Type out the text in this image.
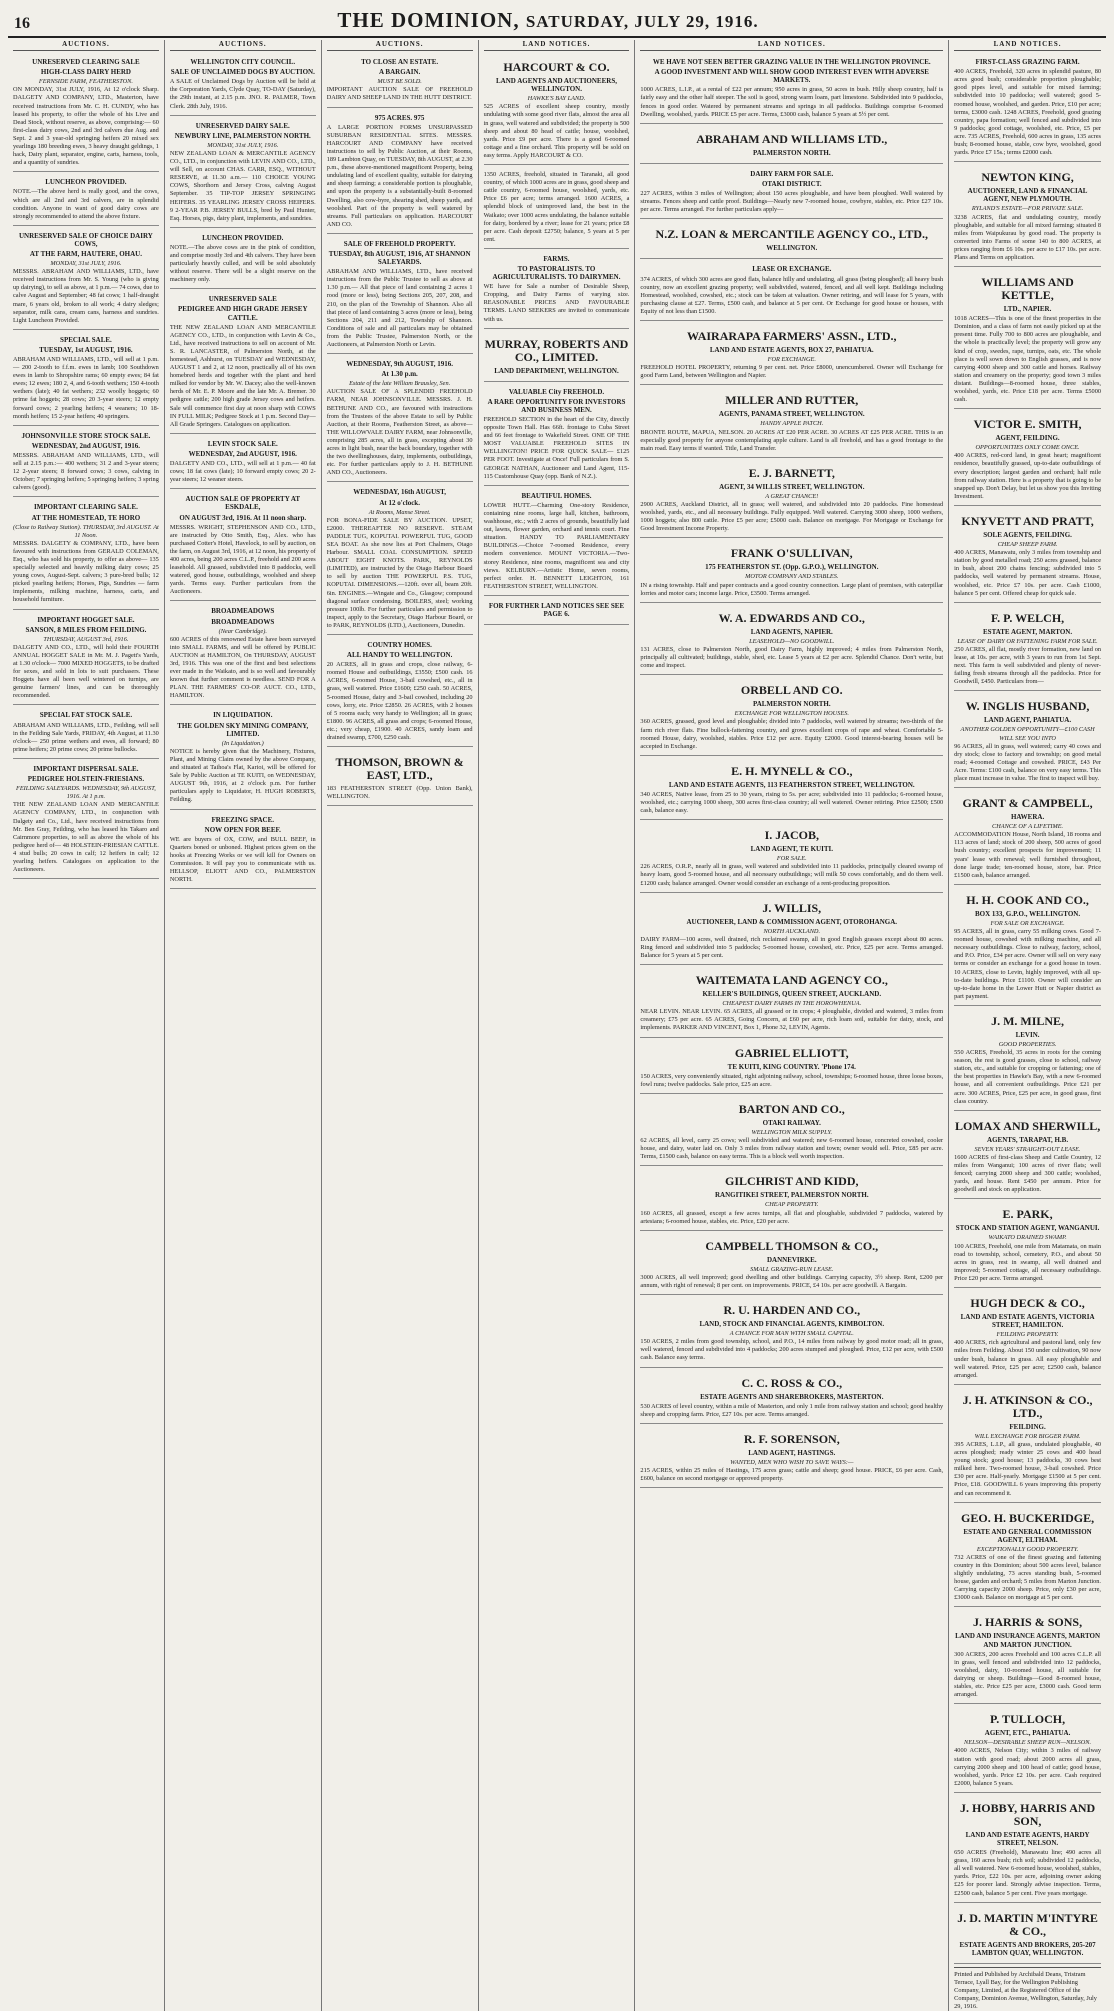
16	THE DOMINION, SATURDAY, JULY 29, 1916.
AUCTIONS.
UNRESERVED CLEARING SALE
HIGH-CLASS DAIRY HERD
FERNSIDE FARM, FEATHERSTON.
ON MONDAY, 31st JULY, 1916, At 12 o'clock Sharp. DALGETY AND COMPANY, LTD., Masterton, have received instructions from Mr. C. H. CUNDY, who has leased his property, to offer the whole of his Live and Dead Stock, without reserve, as above, comprising:— 60 first-class dairy cows, 2nd and 3rd calvers due Aug. and Sept. 2 and 3 year-old springing heifers 20 mixed sex yearlings 180 breeding ewes, 3 heavy draught geldings, 1 hack, Dairy plant, separator, engine, carts, harness, tools, and a quantity of sundries.
LUNCHEON PROVIDED.
NOTE.—The above herd is really good, and the cows, which are all 2nd and 3rd calvers, are in splendid condition. Anyone in want of good dairy cows are strongly recommended to attend the above fixture.
UNRESERVED SALE OF CHOICE DAIRY COWS,
AT THE FARM, HAUTERE, OHAU.
MONDAY, 31st JULY, 1916.
MESSRS. ABRAHAM AND WILLIAMS, LTD., have received instructions from Mr. S. Young (who is giving up dairying), to sell as above, at 1 p.m.— 74 cows, due to calve August and September; 48 fat cows; 1 half-draught mare, 6 years old, broken to all work; 4 dairy sledges; separator, milk cans, cream cans, harness and sundries. Light Luncheon Provided.
SPECIAL SALE.
TUESDAY, 1st AUGUST, 1916.
ABRAHAM AND WILLIAMS, LTD., will sell at 1 p.m.— 200 2-tooth to f.f.m. ewes in lamb; 100 Southdown ewes in lamb to Shropshire rams; 60 empty ewes; 84 fat ewes; 12 ewes; 180 2, 4, and 6-tooth wethers; 150 4-tooth wethers (late); 40 fat wethers; 232 woolly hoggets; 60 prime fat hoggets; 28 cows; 20 3-year steers; 12 empty forward cows; 2 yearling heifers; 4 weaners; 10 18-month heifers; 15 2-year heifers; 40 springers.
JOHNSONVILLE STORE STOCK SALE.
WEDNESDAY, 2nd AUGUST, 1916.
MESSRS. ABRAHAM AND WILLIAMS, LTD., will sell at 2.15 p.m.:— 400 wethers; 31 2 and 3-year steers; 12 2-year steers; 8 forward cows; 3 cows, calving in October; 7 springing heifers; 5 springing heifers; 3 spring calvers (good).
IMPORTANT CLEARING SALE.
AT THE HOMESTEAD, TE HORO
(Close to Railway Station). THURSDAY, 3rd AUGUST. At 11 Noon.
MESSRS. DALGETY & COMPANY, LTD., have been favoured with instructions from GERALD COLEMAN, Esq., who has sold his property, to offer as above— 135 specially selected and heavily milking dairy cows; 25 young cows, August-Sept. calvers; 3 pure-bred bulls; 12 picked yearling heifers; Horses, Pigs, Sundries — farm implements, milking machine, harness, carts, and household furniture.
IMPORTANT HOGGET SALE.
SANSON, 8 MILES FROM FEILDING.
THURSDAY, AUGUST 3rd, 1916.
DALGETY AND CO., LTD., will hold their FOURTH ANNUAL HOGGET SALE in Mr. M. J. Pagett's Yards, at 1.30 o'clock— 7000 MIXED HOGGETS, to be drafted for sexes, and sold in lots to suit purchasers. These Hoggets have all been well wintered on turnips, are genuine farmers' lines, and can be thoroughly recommended.
SPECIAL FAT STOCK SALE.
ABRAHAM AND WILLIAMS, LTD., Feilding, will sell in the Feilding Sale Yards, FRIDAY, 4th August, at 11.30 o'clock— 250 prime wethers and ewes, all forward; 80 prime heifers; 20 prime cows; 20 prime bullocks.
IMPORTANT DISPERSAL SALE.
PEDIGREE HOLSTEIN-FRIESIANS.
FEILDING SALEYARDS. WEDNESDAY, 9th AUGUST, 1916. At 1 p.m.
THE NEW ZEALAND LOAN AND MERCANTILE AGENCY COMPANY, LTD., in conjunction with Dalgety and Co., Ltd., have received instructions from Mr. Ben Gray, Feilding, who has leased his Takaro and Cairnmore properties, to sell as above the whole of his pedigree herd of— 48 HOLSTEIN-FRIESIAN CATTLE. 4 stud bulls; 20 cows in calf; 12 heifers in calf; 12 yearling heifers. Catalogues on application to the Auctioneers.
AUCTIONS.
WELLINGTON CITY COUNCIL.
SALE OF UNCLAIMED DOGS BY AUCTION.
A SALE of Unclaimed Dogs by Auction will be held at the Corporation Yards, Clyde Quay, TO-DAY (Saturday), the 29th instant, at 2.15 p.m. JNO. R. PALMER, Town Clerk. 28th July, 1916.
UNRESERVED DAIRY SALE.
NEWBURY LINE, PALMERSTON NORTH.
MONDAY, 31st JULY, 1916.
NEW ZEALAND LOAN & MERCANTILE AGENCY CO., LTD., in conjunction with LEVIN AND CO., LTD., will Sell, on account CHAS. CARR, ESQ., WITHOUT RESERVE, at 11.30 a.m.— 110 CHOICE YOUNG COWS, Shorthorn and Jersey Cross, calving August September. 35 TIP-TOP JERSEY SPRINGING HEIFERS. 35 YEARLING JERSEY CROSS HEIFERS. 9 2-YEAR P.B. JERSEY BULLS, bred by Paul Hunter, Esq. Horses, pigs, dairy plant, implements, and sundries.
LUNCHEON PROVIDED.
NOTE.—The above cows are in the pink of condition, and comprise mostly 3rd and 4th calvers. They have been particularly heavily culled, and will be sold absolutely without reserve. There will be a slight reserve on the machinery only.
UNRESERVED SALE
PEDIGREE AND HIGH GRADE JERSEY CATTLE.
THE NEW ZEALAND LOAN AND MERCANTILE AGENCY CO., LTD., in conjunction with Levin & Co., Ltd., have received instructions to sell on account of Mr. S. R. LANCASTER, of Palmerston North, at the homestead, Ashhurst, on TUESDAY and WEDNESDAY, AUGUST 1 and 2, at 12 noon, practically all of his own homebred herds and together with the plant and herd milked for vendor by Mr. W. Dacey; also the well-known herds of Mr. E. P. Moore and the late Mr. A. Bremer. 30 pedigree cattle; 200 high grade Jersey cows and heifers. Sale will commence first day at noon sharp with COWS IN FULL MILK; Pedigree Stock at 1 p.m. Second Day—All Grade Springers. Catalogues on application.
LEVIN STOCK SALE.
WEDNESDAY, 2nd AUGUST, 1916.
DALGETY AND CO., LTD., will sell at 1 p.m.— 40 fat cows; 18 fat cows (late); 10 forward empty cows; 20 2-year steers; 12 weaner steers.
AUCTION SALE OF PROPERTY AT ESKDALE,
ON AUGUST 3rd, 1916. At 11 noon sharp.
MESSRS. WRIGHT, STEPHENSON AND CO., LTD., are instructed by Otto Smith, Esq., Alex. who has purchased Cotter's Hotel, Havelock, to sell by auction, on the farm, on August 3rd, 1916, at 12 noon, his property of 400 acres, being 200 acres C.L.P., freehold and 200 acres leasehold. All grassed, subdivided into 8 paddocks, well watered, good house, outbuildings, woolshed and sheep yards. Terms easy. Further particulars from the Auctioneers.
BROADMEADOWS
BROADMEADOWS
(Near Cambridge).
600 ACRES of this renowned Estate have been surveyed into SMALL FARMS, and will be offered by PUBLIC AUCTION at HAMILTON, On THURSDAY, AUGUST 3rd, 1916. This was one of the first and best selections ever made in the Waikato, and is so well and favourably known that further comment is needless. SEND FOR A PLAN. THE FARMERS' CO-OP. AUCT. CO., LTD., HAMILTON.
IN LIQUIDATION.
THE GOLDEN SKY MINING COMPANY, LIMITED.
(In Liquidation.)
NOTICE is hereby given that the Machinery, Fixtures, Plant, and Mining Claim owned by the above Company, and situated at Taihoa's Flat, Karioi, will be offered for Sale by Public Auction at TE KUITI, on WEDNESDAY, AUGUST 9th, 1916, at 2 o'clock p.m. For further particulars apply to Liquidator, H. HUGH ROBERTS, Feilding.
FREEZING SPACE.
NOW OPEN FOR BEEF.
WE are buyers of OX, COW, and BULL BEEF, in Quarters boned or unboned. Highest prices given on the hooks at Freezing Works or we will kill for Owners on Commission. It will pay you to communicate with us. HELLSOP, ELIOTT AND CO., PALMERSTON NORTH.
AUCTIONS.
TO CLOSE AN ESTATE.
A BARGAIN.
MUST BE SOLD.
IMPORTANT AUCTION SALE OF FREEHOLD DAIRY AND SHEEP LAND IN THE HUTT DISTRICT.
975 ACRES. 975
A LARGE PORTION FORMS UNSURPASSED SUBURBAN RESIDENTIAL SITES. MESSRS. HARCOURT AND COMPANY have received instructions to sell by Public Auction, at their Rooms, 189 Lambton Quay, on TUESDAY, 8th AUGUST, at 2.30 p.m., these above-mentioned magnificent Property, being undulating land of excellent quality, suitable for dairying and sheep farming; a considerable portion is ploughable, and upon the property is a substantially-built 8-roomed Dwelling, also cow-byre, shearing shed, sheep yards, and woolshed. Part of the property is well watered by streams. Full particulars on application. HARCOURT AND CO.
SALE OF FREEHOLD PROPERTY.
TUESDAY, 8th AUGUST, 1916, AT SHANNON SALEYARDS.
ABRAHAM AND WILLIAMS, LTD., have received instructions from the Public Trustee to sell as above at 1.30 p.m.— All that piece of land containing 2 acres 1 rood (more or less), being Sections 205, 207, 208, and 210, on the plan of the Township of Shannon. Also all that piece of land containing 3 acres (more or less), being Sections 204, 211 and 212, Township of Shannon. Conditions of sale and all particulars may be obtained from the Public Trustee, Palmerston North, or the Auctioneers, at Palmerston North or Levin.
WEDNESDAY, 9th AUGUST, 1916.
At 1.30 p.m.
Estate of the late William Brausley, Sen.
AUCTION SALE OF A SPLENDID FREEHOLD FARM, NEAR JOHNSONVILLE. MESSRS. J. H. BETHUNE AND CO., are favoured with instructions from the Trustees of the above Estate to sell by Public Auction, at their Rooms, Featherston Street, as above— THE WILLOWVALE DAIRY FARM, near Johnsonville, comprising 285 acres, all in grass, excepting about 30 acres in light bush, near the back boundary, together with the two dwellinghouses, dairy, implements, outbuildings, etc. For further particulars apply to J. H. BETHUNE AND CO., Auctioneers.
WEDNESDAY, 16th AUGUST,
At 12 o'clock.
At Rooms, Manse Street.
FOR BONA-FIDE SALE BY AUCTION. UPSET, £2000. THEREAFTER NO RESERVE. STEAM PADDLE TUG, KOPUTAI. POWERFUL TUG, GOOD SEA BOAT. As she now lies at Port Chalmers, Otago Harbour. SMALL COAL CONSUMPTION. SPEED ABOUT EIGHT KNOTS. PARK, REYNOLDS (LIMITED), are instructed by the Otago Harbour Board to sell by auction THE POWERFUL P.S. TUG, KOPUTAI. DIMENSIONS.—120ft. over all, beam 20ft. 6in. ENGINES.—Wingate and Co., Glasgow; compound diagonal surface condensing. BOILERS, steel; working pressure 100lb. For further particulars and permission to inspect, apply to the Secretary, Otago Harbour Board, or to PARK, REYNOLDS (LTD.), Auctioneers, Dunedin.
COUNTRY HOMES.
ALL HANDY TO WELLINGTON.
20 ACRES, all in grass and crops, close railway, 6-roomed House and outbuildings, £3550; £500 cash. 16 ACRES, 6-roomed House, 3-bail cowshed, etc., all in grass, well watered. Price £1600; £250 cash. 50 ACRES, 5-roomed House, dairy and 3-bail cowshed, including 20 cows, lorry, etc. Price £2850. 26 ACRES, with 2 houses of 5 rooms each; very handy to Wellington; all in grass; £1800. 96 ACRES, all grass and crops; 6-roomed House, etc.; very cheap, £1900. 40 ACRES, sandy loam and drained swamp, £700, £250 cash.
THOMSON, BROWN & EAST, LTD.,
183 FEATHERSTON STREET (Opp. Union Bank), WELLINGTON.
LAND NOTICES.
HARCOURT & CO.
LAND AGENTS AND AUCTIONEERS, WELLINGTON.
HAWKE'S BAY LAND.
525 ACRES of excellent sheep country, mostly undulating with some good river flats, almost the area all in grass, well watered and subdivided; the property is 500 sheep and about 80 head of cattle; house, woolshed, yards. Price £9 per acre. There is a good 6-roomed cottage and a fine orchard. This property will be sold on easy terms. Apply HARCOURT & CO.
1350 ACRES, freehold, situated in Taranaki, all good country, of which 1000 acres are in grass, good sheep and cattle country, 6-roomed house, woolshed, yards, etc. Price £6 per acre; terms arranged. 1600 ACRES, a splendid block of unimproved land, the best in the Waikato; over 1000 acres undulating, the balance suitable for dairy, bordered by a river; lease for 21 years; price £8 per acre. Cash deposit £2750; balance, 5 years at 5 per cent.
FARMS.
TO PASTORALISTS. TO AGRICULTURALISTS. TO DAIRYMEN.
WE have for Sale a number of Desirable Sheep, Cropping, and Dairy Farms of varying size. REASONABLE PRICES AND FAVOURABLE TERMS. LAND SEEKERS are invited to communicate with us.
MURRAY, ROBERTS AND CO., LIMITED.
LAND DEPARTMENT, WELLINGTON.
VALUABLE City FREEHOLD.
A RARE OPPORTUNITY FOR INVESTORS AND BUSINESS MEN.
FREEHOLD SECTION in the heart of the City, directly opposite Town Hall. Has 66ft. frontage to Cuba Street and 66 feet frontage to Wakefield Street. ONE OF THE MOST VALUABLE FREEHOLD SITES IN WELLINGTON! PRICE FOR QUICK SALE— £125 PER FOOT. Investigate at Once! Full particulars from S. GEORGE NATHAN, Auctioneer and Land Agent, 115-115 Customhouse Quay (opp. Bank of N.Z.).
BEAUTIFUL HOMES.
LOWER HUTT.—Charming One-story Residence, containing nine rooms, large hall, kitchen, bathroom, washhouse, etc.; with 2 acres of grounds, beautifully laid out, lawns, flower garden, orchard and tennis court. Fine situation. HANDY TO PARLIAMENTARY BUILDINGS.—Choice 7-roomed Residence, every modern convenience. MOUNT VICTORIA.—Two-storey Residence, nine rooms, magnificent sea and city views. KELBURN.—Artistic Home, seven rooms, perfect order. H. BENNETT LEIGHTON, 161 FEATHERSTON STREET, WELLINGTON.
FOR FURTHER LAND NOTICES SEE SEE PAGE 6.
LAND NOTICES.
WE HAVE NOT SEEN BETTER GRAZING VALUE IN THE WELLINGTON PROVINCE.
A GOOD INVESTMENT AND WILL SHOW GOOD INTEREST EVEN WITH ADVERSE MARKETS.
1000 ACRES, L.I.P., at a rental of £22 per annum; 950 acres in grass, 50 acres in bush. Hilly sheep country, half is fairly easy and the other half steeper. The soil is good, strong warm loam, part limestone. Subdivided into 9 paddocks, fences in good order. Watered by permanent streams and springs in all paddocks. Buildings comprise 6-roomed Dwelling, woolshed, yards. PRICE £5 per acre. Terms, £3000 cash, balance 5 years at 5½ per cent.
ABRAHAM AND WILLIAMS LTD.,
PALMERSTON NORTH.
DAIRY FARM FOR SALE.
OTAKI DISTRICT.
227 ACRES, within 3 miles of Wellington; about 150 acres ploughable, and have been ploughed. Well watered by streams. Fences sheep and cattle proof. Buildings—Nearly new 7-roomed house, cowbyre, stables, etc. Price £27 10s. per acre. Terms arranged. For further particulars apply—
N.Z. LOAN & MERCANTILE AGENCY CO., LTD.,
WELLINGTON.
LEASE OR EXCHANGE.
374 ACRES, of which 300 acres are good flats, balance hilly and undulating, all grass (being ploughed); all heavy bush country, now an excellent grazing property; well subdivided, watered, fenced, and all well kept. Buildings including Homestead, woolshed, cowshed, etc.; stock can be taken at valuation. Owner retiring, and will lease for 5 years, with purchasing clause at £27. Terms, £500 cash, and balance at 5 per cent. Or Exchange for good house or houses, with Equity of not less than £1500.
WAIRARAPA FARMERS' ASSN., LTD.,
LAND AND ESTATE AGENTS, BOX 27, PAHIATUA.
FOR EXCHANGE.
FREEHOLD HOTEL PROPERTY, returning 9 per cent. net. Price £8000, unencumbered. Owner will Exchange for good Farm Land, between Wellington and Napier.
MILLER AND RUTTER,
AGENTS, PANAMA STREET, WELLINGTON.
HANDY APPLE PATCH.
BRONTE ROUTE, MAPUA, NELSON. 20 ACRES AT £20 PER ACRE. 30 ACRES AT £25 PER ACRE. THIS is an especially good property for anyone contemplating apple culture. Land is all freehold, and has a good frontage to the main road. Easy terms if wanted. Title, Land Transfer.
E. J. BARNETT,
AGENT, 34 WILLIS STREET, WELLINGTON.
A GREAT CHANCE!
2900 ACRES, Auckland District, all in grass; well watered, and subdivided into 20 paddocks. Fine homestead woolshed, yards, etc., and all necessary buildings. Fully equipped. Well watered. Carrying 3000 sheep, 1000 wethers, 1000 hoggets; also 800 cattle. Price £5 per acre; £5000 cash. Balance on mortgage. For Mortgage or Exchange for Good Investment Income Property.
FRANK O'SULLIVAN,
175 FEATHERSTON ST. (Opp. G.P.O.), WELLINGTON.
MOTOR COMPANY AND STABLES.
IN a rising township. Half and paper contracts and a good country connection. Large plant of premises, with caterpillar lorries and motor cars; income large. Price, £3500. Terms arranged.
W. A. EDWARDS AND CO.,
LAND AGENTS, NAPIER.
LEASEHOLD—NO GOODWILL.
131 ACRES, close to Palmerston North, good Dairy Farm, highly improved; 4 miles from Palmerston North, principally all cultivated; buildings, stable, shed, etc. Lease 5 years at £2 per acre. Splendid Chance. Don't write, but come and inspect.
ORBELL AND CO.
PALMERSTON NORTH.
EXCHANGE FOR WELLINGTON HOUSES.
360 ACRES, grassed, good level and ploughable; divided into 7 paddocks, well watered by streams; two-thirds of the farm rich river flats. Fine bullock-fattening country, and grows excellent crops of rape and wheat. Comfortable 5-roomed House, dairy, woolshed, stables. Price £12 per acre. Equity £2000. Good interest-bearing houses will be accepted in Exchange.
E. H. MYNELL & CO.,
LAND AND ESTATE AGENTS, 113 FEATHERSTON STREET, WELLINGTON.
340 ACRES, Native lease, from 25 to 30 years, rising to 5s. per acre; subdivided into 11 paddocks; 6-roomed house, woolshed, etc.; carrying 1000 sheep, 300 acres first-class country; all well watered. Owner retiring. Price £2500; £500 cash, balance easy.
I. JACOB,
LAND AGENT, TE KUITI.
FOR SALE.
226 ACRES, O.R.P., nearly all in grass, well watered and subdivided into 11 paddocks, principally cleared swamp of heavy loam, good 5-roomed house, and all necessary outbuildings; will milk 50 cows comfortably, and do them well. £1200 cash; balance arranged. Owner would consider an exchange of a rent-producing proposition.
J. WILLIS,
AUCTIONEER, LAND & COMMISSION AGENT, OTOROHANGA.
NORTH AUCKLAND.
DAIRY FARM—100 acres, well drained, rich reclaimed swamp, all in good English grasses except about 80 acres. Ring fenced and subdivided into 5 paddocks; 5-roomed house, cowshed, etc. Price, £25 per acre. Terms arranged. Balance for 5 years at 5 per cent.
WAITEMATA LAND AGENCY CO.,
KELLER'S BUILDINGS, QUEEN STREET, AUCKLAND.
CHEAPEST DAIRY FARMS IN THE HOROWHENUA.
NEAR LEVIN. NEAR LEVIN. 65 ACRES, all grassed or in crops; 4 ploughable, divided and watered, 3 miles from creamery; £75 per acre. 65 ACRES, Going Concern, at £60 per acre, rich loam soil, suitable for dairy, stock, and implements. PARKER AND VINCENT, Box 1, Phone 32, LEVIN, Agents.
GABRIEL ELLIOTT,
TE KUITI, KING COUNTRY. 'Phone 174.
150 ACRES, very conveniently situated, right adjoining railway, school, townships; 6-roomed house, three loose boxes, fowl runs; twelve paddocks. Sale price, £25 an acre.
BARTON AND CO.,
OTAKI RAILWAY.
WELLINGTON MILK SUPPLY.
62 ACRES, all level, carry 25 cows; well subdivided and watered; new 6-roomed house, concreted cowshed, cooler house, and dairy, water laid on. Only 3 miles from railway station and town; owner would sell. Price, £85 per acre. Terms, £1500 cash, balance on easy terms. This is a block well worth inspection.
GILCHRIST AND KIDD,
RANGITIKEI STREET, PALMERSTON NORTH.
CHEAP PROPERTY.
160 ACRES, all grassed, except a few acres turnips, all flat and ploughable, subdivided 7 paddocks, watered by artesians; 6-roomed house, stables, etc. Price, £20 per acre.
CAMPBELL THOMSON & CO.,
DANNEVIRKE.
SMALL GRAZING-RUN LEASE.
3000 ACRES, all well improved; good dwelling and other buildings. Carrying capacity, 3½ sheep. Rent, £200 per annum, with right of renewal; 8 per cent. on improvements. PRICE, £4 10s. per acre goodwill. A Bargain.
R. U. HARDEN AND CO.,
LAND, STOCK AND FINANCIAL AGENTS, KIMBOLTON.
A CHANCE FOR MAN WITH SMALL CAPITAL.
150 ACRES, 2 miles from good township, school, and P.O., 14 miles from railway by good motor road; all in grass, well watered, fenced and subdivided into 4 paddocks; 200 acres stumped and ploughed. Price, £12 per acre, with £500 cash. Balance easy terms.
C. C. ROSS & CO.,
ESTATE AGENTS AND SHAREBROKERS, MASTERTON.
530 ACRES of level country, within a mile of Masterton, and only 1 mile from railway station and school; good healthy sheep and cropping farm. Price, £27 10s. per acre. Terms arranged.
R. F. SORENSON,
LAND AGENT, HASTINGS.
WANTED, MEN WHO WISH TO SAVE WAYS:—
215 ACRES, within 25 miles of Hastings, 175 acres grass; cattle and sheep; good house. PRICE, £6 per acre. Cash, £600, balance on second mortgage or approved property.
LAND NOTICES.
FIRST-CLASS GRAZING FARM.
400 ACRES, Freehold, 320 acres in splendid pasture, 80 acres good bush; considerable proportion ploughable; good pipes level, and suitable for mixed farming; subdivided into 10 paddocks; well watered; good 5-roomed house, woolshed, and garden. Price, £10 per acre; terms, £3000 cash. 1248 ACRES, Freehold, good grazing country, papa formation; well fenced and subdivided into 9 paddocks; good cottage, woolshed, etc. Price, £5 per acre. 735 ACRES, Freehold, 600 acres in grass, 135 acres bush; 8-roomed house, stable, cow byre, woolshed, good yards. Price £7 15s.; terms £2000 cash.
NEWTON KING,
AUCTIONEER, LAND & FINANCIAL AGENT, NEW PLYMOUTH.
RYLAND'S ESTATE—FOR PRIVATE SALE.
3238 ACRES, flat and undulating country, mostly ploughable, and suitable for all mixed farming; situated 8 miles from Waipukurau by good road. The property is converted into Farms of some 140 to 800 ACRES, at prices ranging from £6 10s. per acre to £17 10s. per acre. Plans and Terms on application.
WILLIAMS AND KETTLE,
LTD., NAPIER.
1018 ACRES—This is one of the finest properties in the Dominion, and a class of farm not easily picked up at the present time. Fully 700 to 800 acres are ploughable, and the whole is practically level; the property will grow any kind of crop, swedes, rape, turnips, oats, etc. The whole place is well sown down to English grasses, and is now carrying 4000 sheep and 300 cattle and horses. Railway station and creamery on the property; good town 3 miles distant. Buildings—8-roomed house, three stables, woolshed, yards, etc. Price £18 per acre. Terms £5000 cash.
VICTOR E. SMITH,
AGENT, FEILDING.
OPPORTUNITIES ONLY COME ONCE.
400 ACRES, red-cord land, in great heart; magnificent residence, beautifully grassed, up-to-date outbuildings of every description; largest garden and orchard; half mile from railway station. Here is a property that is going to be snapped up. Don't Delay, but let us show you this Inviting Investment.
KNYVETT AND PRATT,
SOLE AGENTS, FEILDING.
CHEAP SHEEP FARM.
400 ACRES, Manawatu, only 3 miles from township and station by good metalled road; 250 acres grassed, balance in bush, about 200 chains fencing; subdivided into 5 paddocks, well watered by permanent streams. House, woolshed, etc. Price £7 10s. per acre. Cash £1000, balance 5 per cent. Offered cheap for quick sale.
F. P. WELCH,
ESTATE AGENT, MARTON.
LEASE OF DAIRY OR FATTENING FARM FOR SALE.
250 ACRES, all flat, mostly river formation, new land on lease, at 10s. per acre, with 3 years to run from 1st Sept. next. This farm is well subdivided and plenty of never-failing fresh streams through all the paddocks. Price for Goodwill, £450. Particulars from—
W. INGLIS HUSBAND,
LAND AGENT, PAHIATUA.
ANOTHER GOLDEN OPPORTUNITY—£100 CASH WILL SEE YOU INTO
96 ACRES, all in grass, well watered; carry 40 cows and dry stock; close to factory and township; on good metal road; 4-roomed Cottage and cowshed. PRICE, £43 Per Acre. Terms: £100 cash, balance on very easy terms. This place must increase in value. The first to inspect will buy.
GRANT & CAMPBELL,
HAWERA.
CHANCE OF A LIFETIME.
ACCOMMODATION House, North Island, 18 rooms and 113 acres of land; stock of 200 sheep, 500 acres of good bush country; excellent prospects for improvement; 11 years' lease with renewal; well furnished throughout, done large trade; ten-roomed house, store, bar. Price £1500 cash, balance arranged.
H. H. COOK AND CO.,
BOX 133, G.P.O., WELLINGTON.
FOR SALE OR EXCHANGE.
95 ACRES, all in grass, carry 55 milking cows. Good 7-roomed house, cowshed with milking machine, and all necessary outbuildings. Close to railway, factory, school, and P.O. Price, £34 per acre. Owner will sell on very easy terms or consider an exchange for a good house in town. 10 ACRES, close to Levin, highly improved, with all up-to-date buildings. Price £1100. Owner will consider an up-to-date home in the Lower Hutt or Napier district as part payment.
J. M. MILNE,
LEVIN.
GOOD PROPERTIES.
550 ACRES, Freehold, 35 acres in roots for the coming season, the rest is good grasses, close to school, railway station, etc., and suitable for cropping or fattening; one of the best properties in Hawke's Bay, with a new 6-roomed house, and all convenient outbuildings. Price £21 per acre. 300 ACRES, Price, £25 per acre, in good grass, first class country.
LOMAX AND SHERWILL,
AGENTS, TARAPAT, H.B.
SEVEN YEARS' STRAIGHT-OUT LEASE.
1600 ACRES of first-class Sheep and Cattle Country, 12 miles from Wanganui; 100 acres of river flats; well fenced; carrying 2000 sheep and 300 cattle; woolshed, yards, and house. Rent £450 per annum. Price for goodwill and stock on application.
E. PARK,
STOCK AND STATION AGENT, WANGANUI.
WAIKATO DRAINED SWAMP.
100 ACRES, Freehold, one mile from Matamata, on main road to township, school, cemetery, P.O., and about 50 acres in grass, rest in swamp, all well drained and improved; 5-roomed cottage, all necessary outbuildings. Price £20 per acre. Terms arranged.
HUGH DECK & CO.,
LAND AND ESTATE AGENTS, VICTORIA STREET, HAMILTON.
FEILDING PROPERTY.
400 ACRES, rich agricultural and pastoral land, only few miles from Feilding. About 150 under cultivation, 90 now under bush, balance in grass. All easy ploughable and well watered. Price, £25 per acre; £2500 cash, balance arranged.
J. H. ATKINSON & CO., LTD.,
FEILDING.
WILL EXCHANGE FOR BIGGER FARM.
395 ACRES, L.I.P., all grass, undulated ploughable, 40 acres ploughed; ready winter 25 cows and 400 head young stock; good house; 13 paddocks, 30 cows best milked here. Two-roomed house, 3-bail cowshed. Price £30 per acre. Half-yearly. Mortgage £1500 at 5 per cent. Price, £18. GOODWILL 6 years improving this property and can recommend it.
GEO. H. BUCKERIDGE,
ESTATE AND GENERAL COMMISSION AGENT, ELTHAM.
EXCEPTIONALLY GOOD PROPERTY.
732 ACRES of one of the finest grazing and fattening country in this Dominion; about 500 acres level, balance slightly undulating, 73 acres standing bush, 5-roomed house, garden and orchard; 5 miles from Marton Junction. Carrying capacity 2000 sheep. Price, only £30 per acre, £3000 cash. Balance on mortgage at 5 per cent.
J. HARRIS & SONS,
LAND AND INSURANCE AGENTS, MARTON AND MARTON JUNCTION.
300 ACRES, 200 acres Freehold and 100 acres C.L.P. all in grass, well fenced and subdivided into 12 paddocks, woolshed, dairy, 10-roomed house, all suitable for dairying or sheep. Buildings—Good 8-roomed house, stables, etc. Price £25 per acre, £3000 cash. Good term arranged.
P. TULLOCH,
AGENT, ETC., PAHIATUA.
NELSON—DESIRABLE SHEEP RUN—NELSON.
4000 ACRES, Nelson City; within 3 miles of railway station with good road; about 2000 acres all grass, carrying 2000 sheep and 100 head of cattle; good house, woolshed, yards. Price £2 10s. per acre. Cash required £2000, balance 5 years.
J. HOBBY, HARRIS AND SON,
LAND AND ESTATE AGENTS, HARDY STREET, NELSON.
650 ACRES (Freehold), Manawatu line; 490 acres all grass, 160 acres bush; rich soil; subdivided 12 paddocks, all well watered. New 6-roomed house, woolshed, stables, yards. Price, £22 10s. per acre, adjoining owner asking £25 for poorer land. Strongly advise inspection. Terms, £2500 cash, balance 5 per cent. Five years mortgage.
J. D. MARTIN M'INTYRE & CO.,
ESTATE AGENTS AND BROKERS, 205-207 LAMBTON QUAY, WELLINGTON.
Printed and Published by Archibald Deans, Tristram Terrace, Lyall Bay, for the Wellington Publishing Company, Limited, at the Registered Office of the Company, Dominion Avenue, Wellington, Saturday, July 29, 1916.
